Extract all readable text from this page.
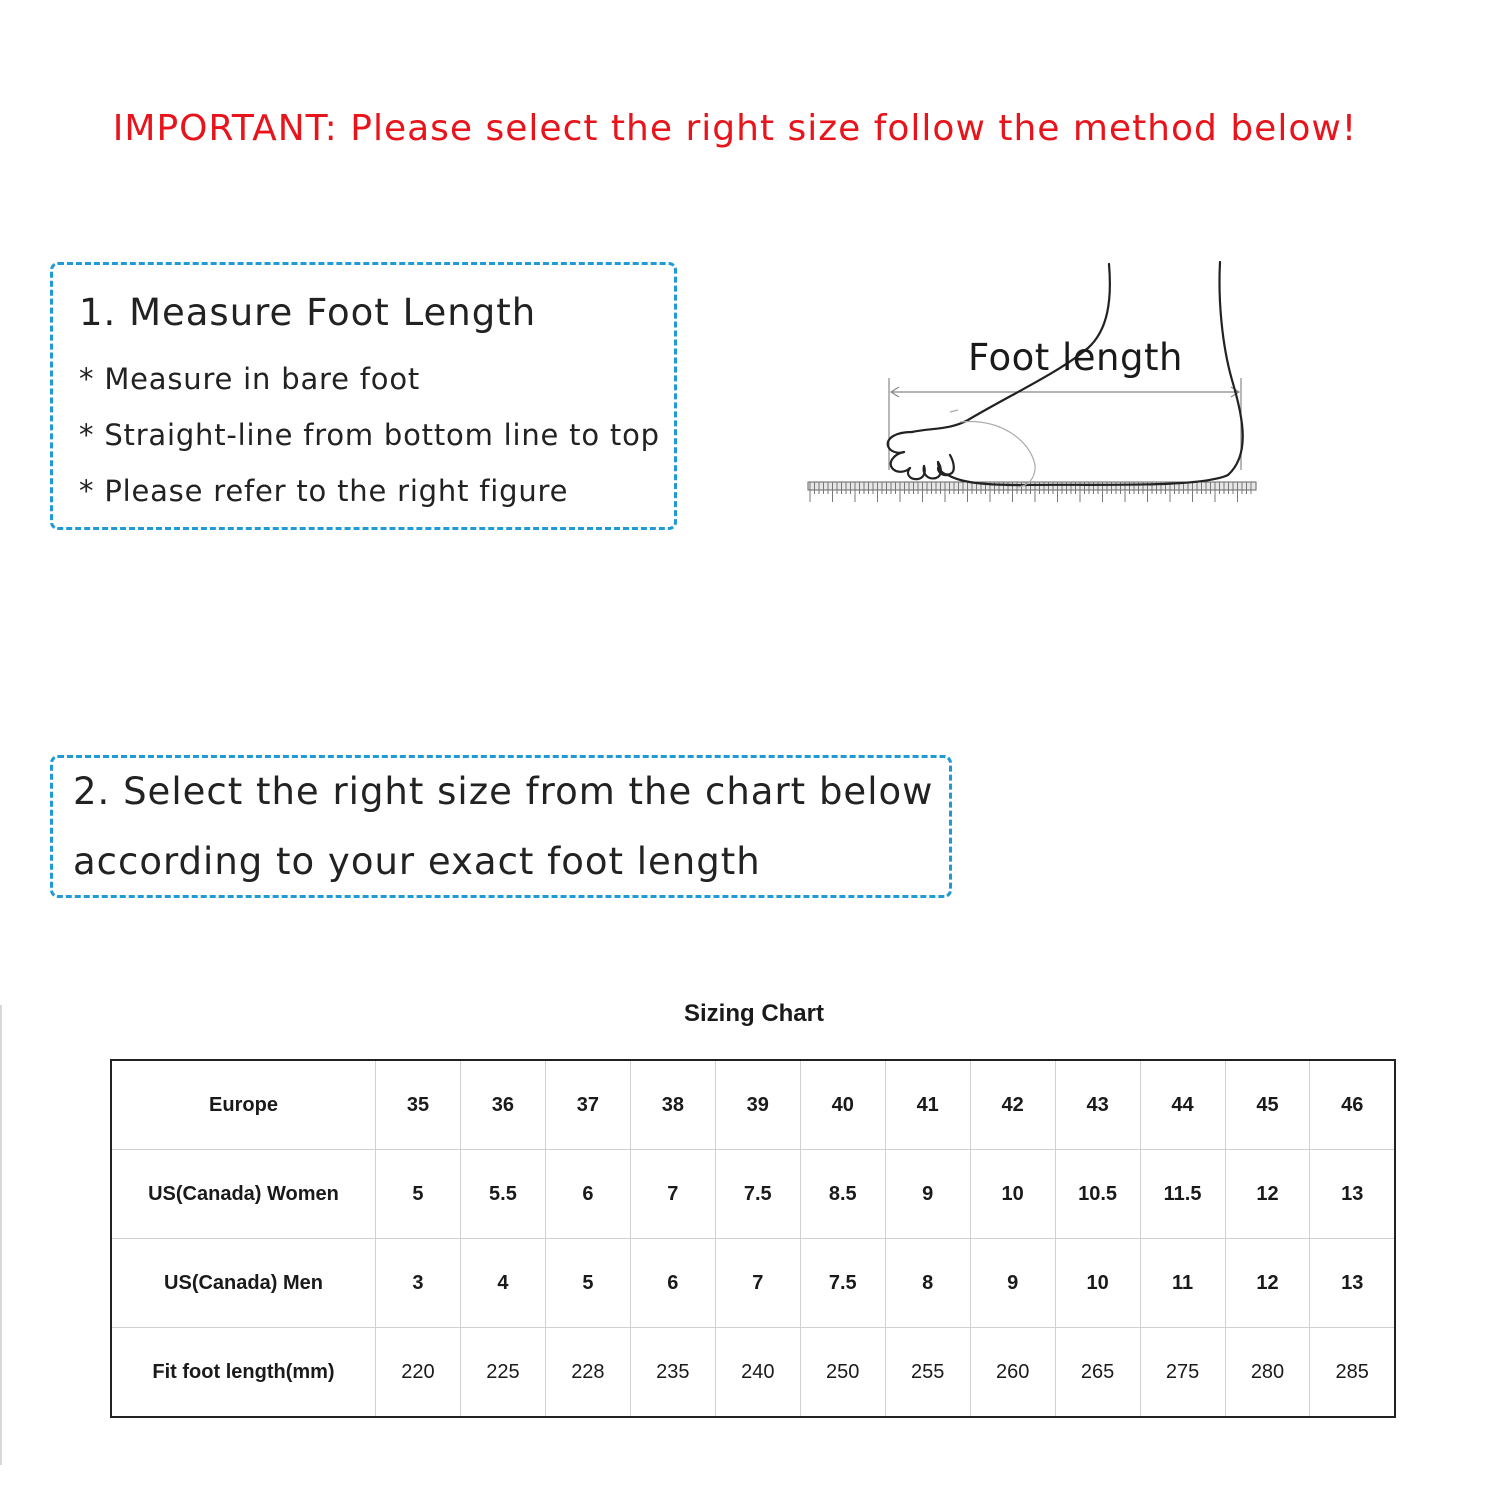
IMPORTANT: Please select the right size follow the method below!
1. Measure Foot Length
* Measure in bare foot
* Straight-line from bottom line to top
* Please refer to the right figure
Foot length
2. Select the right size from the chart below
according to your exact foot length
Sizing Chart
Europe	35	36	37	38	39	40	41	42	43	44	45	46
US(Canada) Women	5	5.5	6	7	7.5	8.5	9	10	10.5	11.5	12	13
US(Canada) Men	3	4	5	6	7	7.5	8	9	10	11	12	13
Fit foot length(mm)	220	225	228	235	240	250	255	260	265	275	280	285
